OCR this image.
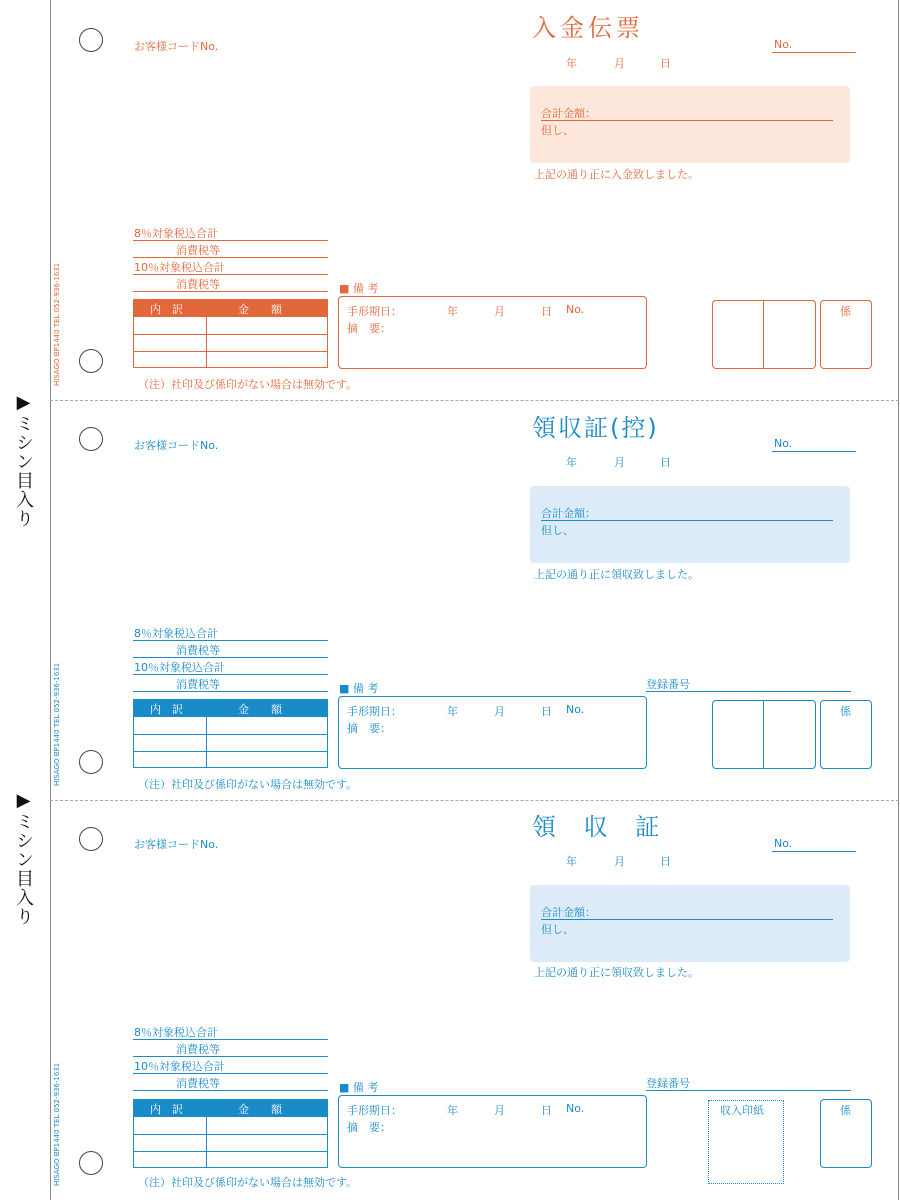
▶ミシン目入り
▶ミシン目入り
HISAGO BP1440 TEL 052-936-1631
入金伝票
お客様コードNo.	No.
年	月	日
合計金額：
但し、
上記の通り正に入金致しました。
8％対象税込合計
消費税等
10％対象税込合計
消費税等
内　訳	金　　額
■ 備 考
手形期日：	年	月	日 No.
摘　要：
係
（注）社印及び係印がない場合は無効です。
HISAGO BP1440 TEL 052-936-1631
領収証(控)
お客様コードNo.	No.
年	月	日
合計金額：
但し、
上記の通り正に領収致しました。
8％対象税込合計
消費税等
10％対象税込合計
消費税等
内　訳	金　　額
■ 備 考	登録番号
手形期日：	年	月	日 No.
摘　要：
係
（注）社印及び係印がない場合は無効です。
HISAGO BP1440 TEL 052-936-1631
領 収 証
お客様コードNo.	No.
年	月	日
合計金額：
但し、
上記の通り正に領収致しました。
8％対象税込合計
消費税等
10％対象税込合計
消費税等
内　訳	金　　額
■ 備 考	登録番号
手形期日：	年	月	日 No.
摘　要：
収入印紙	係
（注）社印及び係印がない場合は無効です。
